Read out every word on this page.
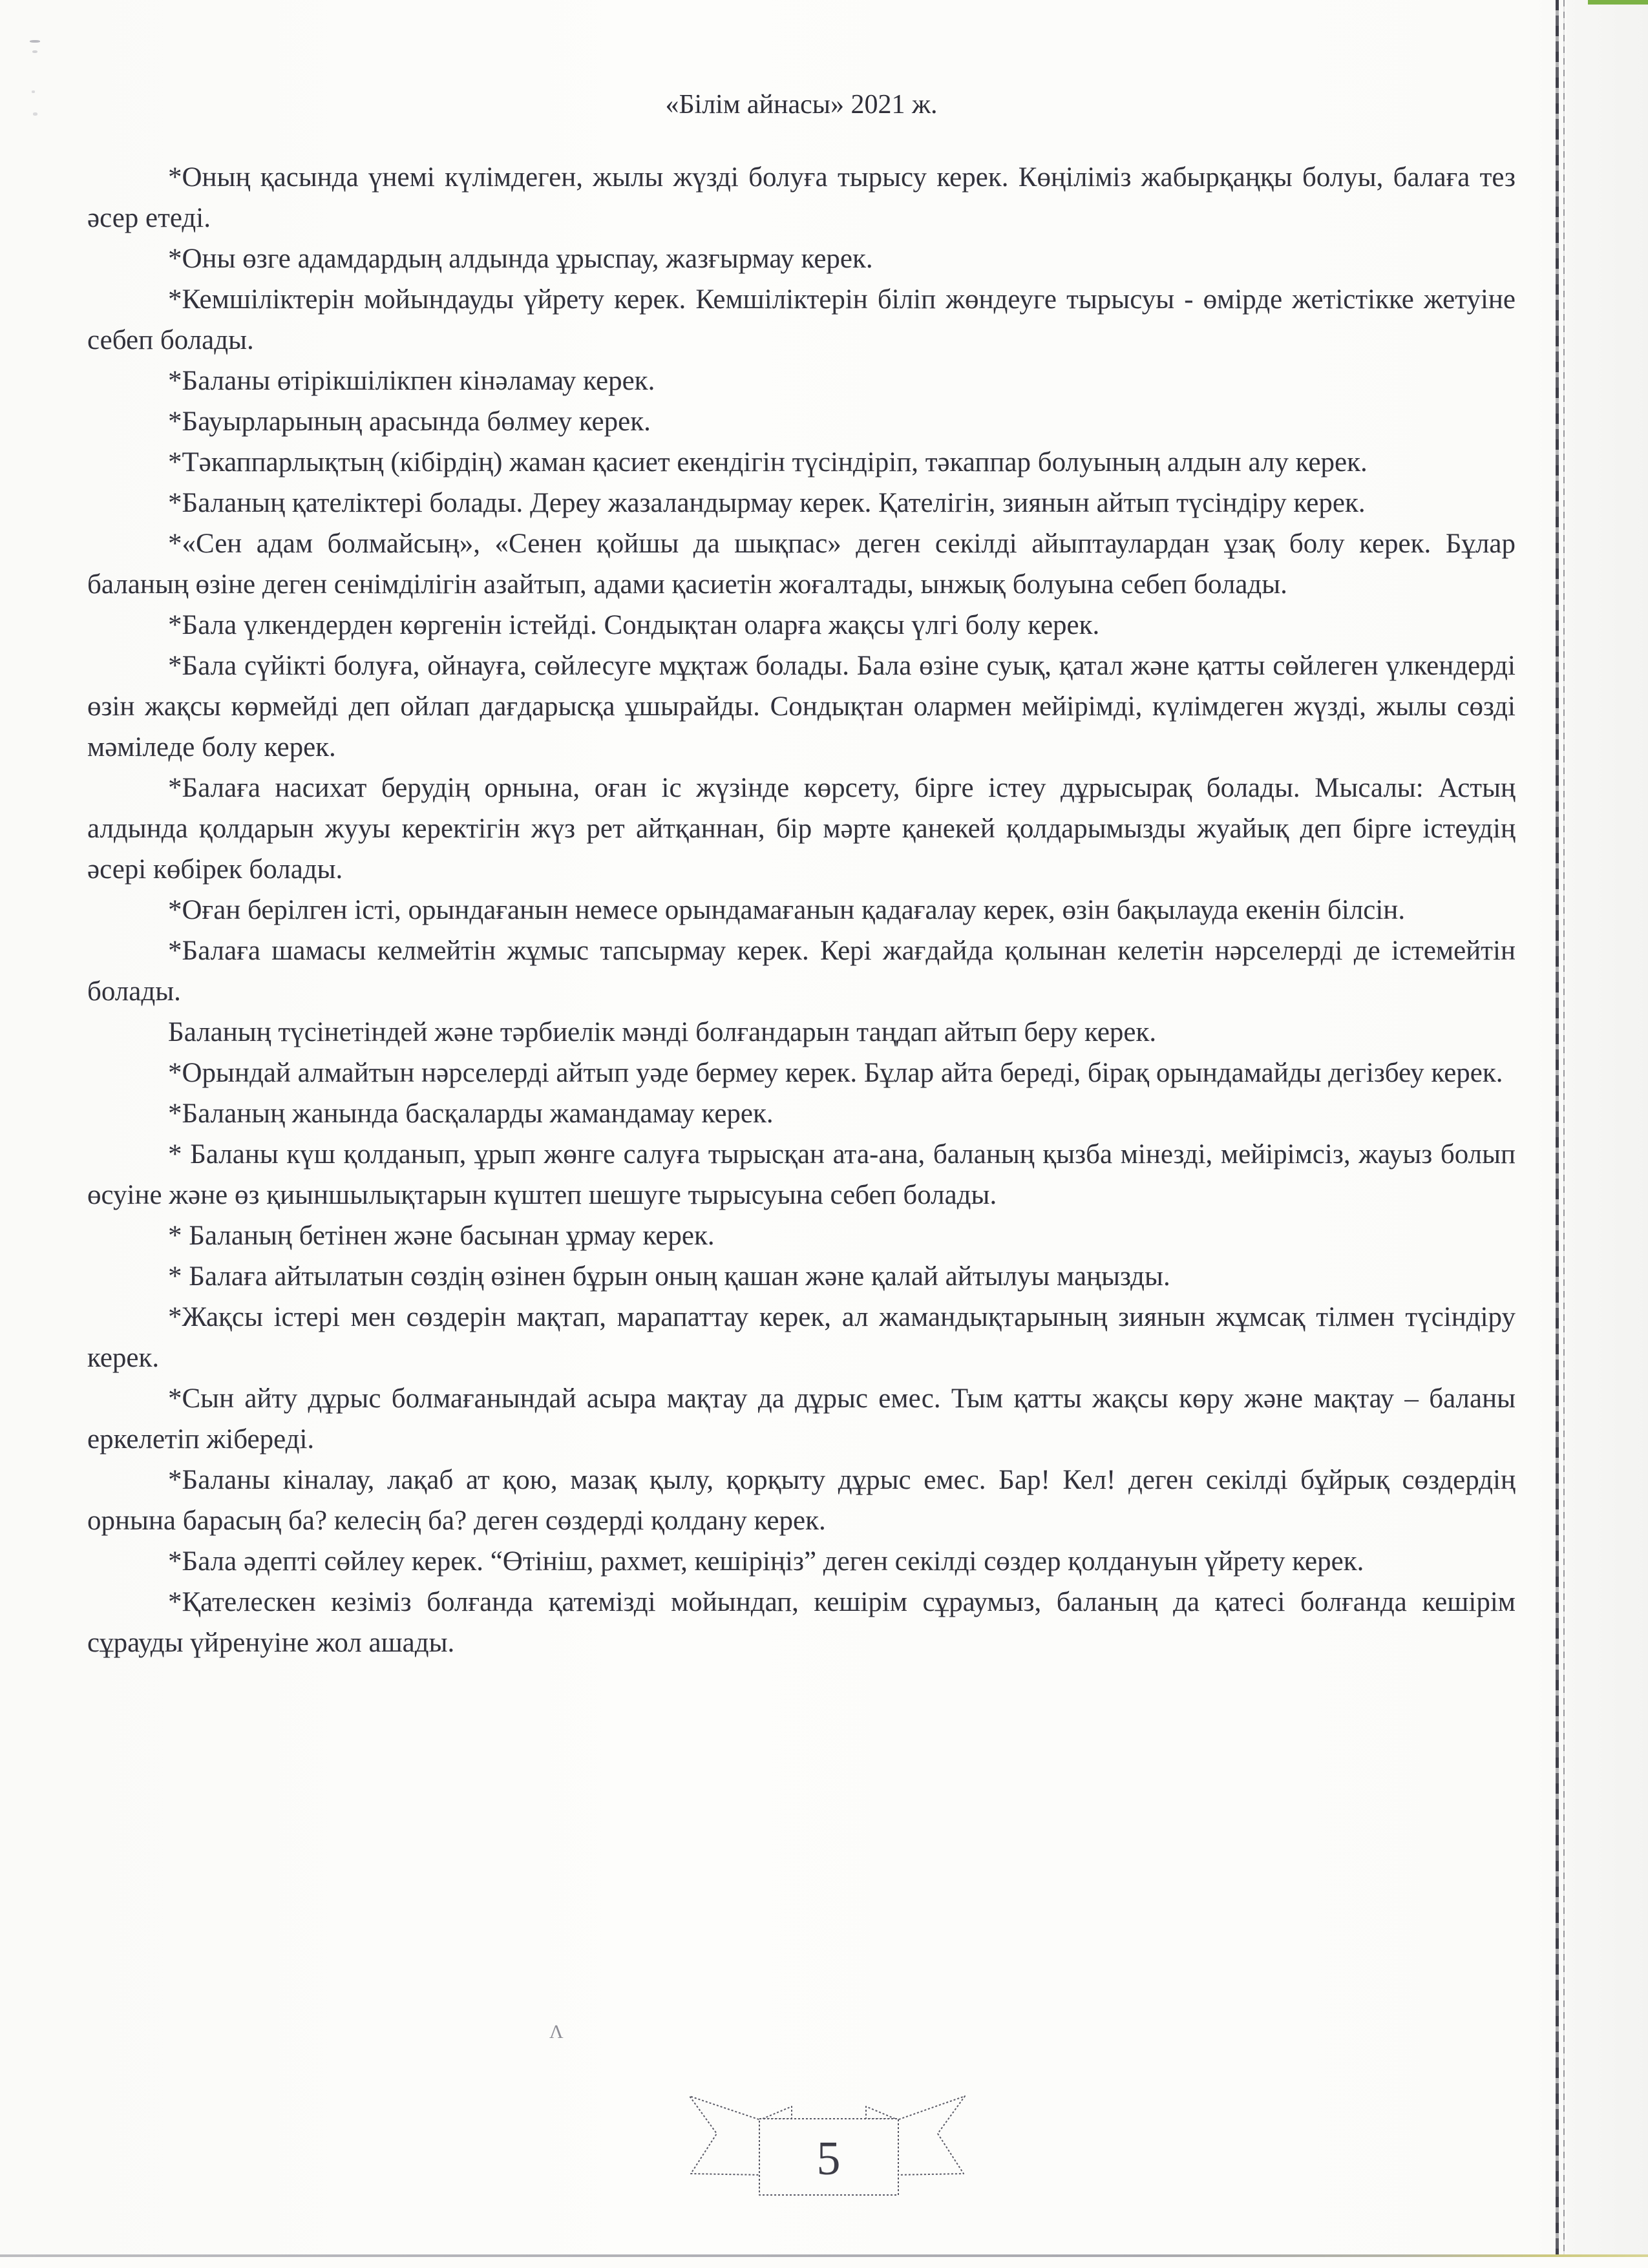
«Білім айнасы» 2021 ж.

*Оның қасында үнемі күлімдеген, жылы жүзді болуға тырысу керек. Көңіліміз жабырқаңқы болуы, балаға тез әсер етеді.

*Оны өзге адамдардың алдында ұрыспау, жазғырмау керек.

*Кемшіліктерін мойындауды үйрету керек. Кемшіліктерін біліп жөндеуге тырысуы - өмірде жетістікке жетуіне себеп болады.

*Баланы өтірікшілікпен кінәламау керек.

*Бауырларының арасында бөлмеу керек.

*Тәкаппарлықтың (кібірдің) жаман қасиет екендігін түсіндіріп, тәкаппар болуының алдын алу керек.

*Баланың қателіктері болады. Дереу жазаландырмау керек. Қателігін, зиянын айтып түсіндіру керек.

*«Сен адам болмайсың», «Сенен қойшы да шықпас» деген секілді айыптаулардан ұзақ болу керек. Бұлар баланың өзіне деген сенімділігін азайтып, адами қасиетін жоғалтады, ынжық болуына себеп болады.

*Бала үлкендерден көргенін істейді. Сондықтан оларға жақсы үлгі болу керек.

*Бала сүйікті болуға, ойнауға, сөйлесуге мұқтаж болады. Бала өзіне суық, қатал және қатты сөйлеген үлкендерді өзін жақсы көрмейді деп ойлап дағдарысқа ұшырайды. Сондықтан олармен мейірімді, күлімдеген жүзді, жылы сөзді мәміледе болу керек.

*Балаға насихат берудің орнына, оған іс жүзінде көрсету, бірге істеу дұрысырақ болады. Мысалы: Астың алдында қолдарын жууы керектігін жүз рет айтқаннан, бір мәрте қанекей қолдарымызды жуайық деп бірге істеудің әсері көбірек болады.

*Оған берілген істі, орындағанын немесе орындамағанын қадағалау керек, өзін бақылауда екенін білсін.

*Балаға шамасы келмейтін жұмыс тапсырмау керек. Кері жағдайда қолынан келетін нәрселерді де істемейтін болады.

Баланың түсінетіндей және тәрбиелік мәнді болғандарын таңдап айтып беру керек.

*Орындай алмайтын нәрселерді айтып уәде бермеу керек. Бұлар айта береді, бірақ орындамайды дегізбеу керек.

*Баланың жанында басқаларды жамандамау керек.

* Баланы күш қолданып, ұрып жөнге салуға тырысқан ата-ана, баланың қызба мінезді, мейірімсіз, жауыз болып өсуіне және өз қиыншылықтарын күштеп шешуге тырысуына себеп болады.

* Баланың бетінен және басынан ұрмау керек.

* Балаға айтылатын сөздің өзінен бұрын оның қашан және қалай айтылуы маңызды.

*Жақсы істері мен сөздерін мақтап, марапаттау керек, ал жамандықтарының зиянын жұмсақ тілмен түсіндіру керек.

*Сын айту дұрыс болмағанындай асыра мақтау да дұрыс емес. Тым қатты жақсы көру және мақтау – баланы еркелетіп жібереді.

*Баланы кіналау, лақаб ат қою, мазақ қылу, қорқыту дұрыс емес. Бар! Кел! деген секілді бұйрық сөздердің орнына барасың ба? келесің ба? деген сөздерді қолдану керек.

*Бала әдепті сөйлеу керек. “Өтініш, рахмет, кешіріңіз” деген секілді сөздер қолдануын үйрету керек.

*Қателескен кезіміз болғанда қатемізді мойындап, кешірім сұраумыз, баланың да қатесі болғанда кешірім сұрауды үйренуіне жол ашады.

Λ
5
